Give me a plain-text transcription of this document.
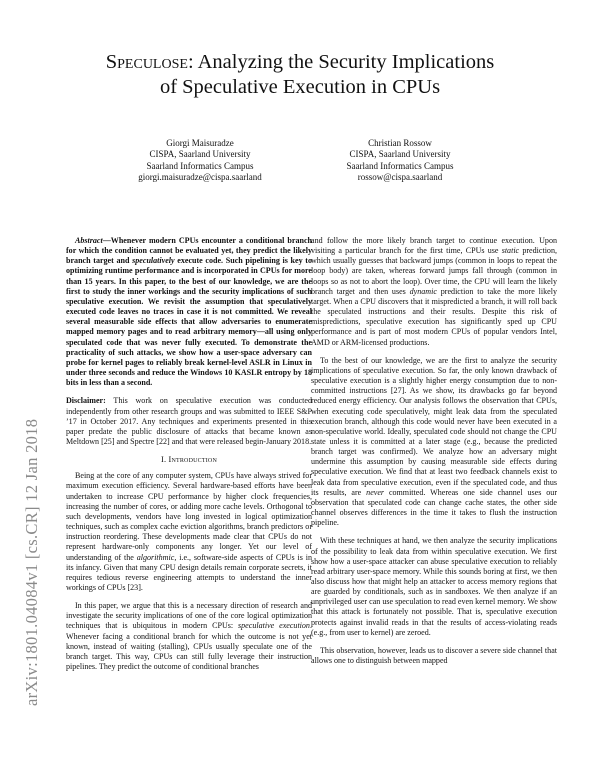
arXiv:1801.04084v1 [cs.CR] 12 Jan 2018
Speculose: Analyzing the Security Implications
of Speculative Execution in CPUs
Giorgi Maisuradze
CISPA, Saarland University
Saarland Informatics Campus
giorgi.maisuradze@cispa.saarland
Christian Rossow
CISPA, Saarland University
Saarland Informatics Campus
rossow@cispa.saarland

Abstract—Whenever modern CPUs encounter a conditional branch for which the condition cannot be evaluated yet, they predict the likely branch target and speculatively execute code. Such pipelining is key to optimizing runtime performance and is incorporated in CPUs for more than 15 years. In this paper, to the best of our knowledge, we are the first to study the inner workings and the security implications of such speculative execution. We revisit the assumption that speculatively executed code leaves no traces in case it is not committed. We reveal several measurable side effects that allow adversaries to enumerate mapped memory pages and to read arbitrary memory—all using only speculated code that was never fully executed. To demonstrate the practicality of such attacks, we show how a user-space adversary can probe for kernel pages to reliably break kernel-level ASLR in Linux in under three seconds and reduce the Windows 10 KASLR entropy by 18 bits in less than a second.

Disclaimer: This work on speculative execution was conducted independently from other research groups and was submitted to IEEE S&P ’17 in October 2017. Any techniques and experiments presented in this paper predate the public disclosure of attacks that became known as Meltdown [25] and Spectre [22] and that were released begin-January 2018.

I. Introduction

Being at the core of any computer system, CPUs have always strived for maximum execution efficiency. Several hardware-based efforts have been undertaken to increase CPU performance by higher clock frequencies, increasing the number of cores, or adding more cache levels. Orthogonal to such developments, vendors have long invested in logical optimization techniques, such as complex cache eviction algorithms, branch predictors or instruction reordering. These developments made clear that CPUs do not represent hardware-only components any longer. Yet our level of understanding of the algorithmic, i.e., software-side aspects of CPUs is in its infancy. Given that many CPU design details remain corporate secrets, it requires tedious reverse engineering attempts to understand the inner workings of CPUs [23].

In this paper, we argue that this is a necessary direction of research and investigate the security implications of one of the core logical optimization techniques that is ubiquitous in modern CPUs: speculative execution. Whenever facing a conditional branch for which the outcome is not yet known, instead of waiting (stalling), CPUs usually speculate one of the branch target. This way, CPUs can still fully leverage their instruction pipelines. They predict the outcome of conditional branches

and follow the more likely branch target to continue execution. Upon visiting a particular branch for the first time, CPUs use static prediction, which usually guesses that backward jumps (common in loops to repeat the loop body) are taken, whereas forward jumps fall through (common in loops so as not to abort the loop). Over time, the CPU will learn the likely branch target and then uses dynamic prediction to take the more likely target. When a CPU discovers that it mispredicted a branch, it will roll back the speculated instructions and their results. Despite this risk of mispredictions, speculative execution has significantly sped up CPU performance and is part of most modern CPUs of popular vendors Intel, AMD or ARM-licensed productions.

To the best of our knowledge, we are the first to analyze the security implications of speculative execution. So far, the only known drawback of speculative execution is a slightly higher energy consumption due to non-committed instructions [27]. As we show, its drawbacks go far beyond reduced energy efficiency. Our analysis follows the observation that CPUs, when executing code speculatively, might leak data from the speculated execution branch, although this code would never have been executed in a non-speculative world. Ideally, speculated code should not change the CPU state unless it is committed at a later stage (e.g., because the predicted branch target was confirmed). We analyze how an adversary might undermine this assumption by causing measurable side effects during speculative execution. We find that at least two feedback channels exist to leak data from speculative execution, even if the speculated code, and thus its results, are never committed. Whereas one side channel uses our observation that speculated code can change cache states, the other side channel observes differences in the time it takes to flush the instruction pipeline.

With these techniques at hand, we then analyze the security implications of the possibility to leak data from within speculative execution. We first show how a user-space attacker can abuse speculative execution to reliably read arbitrary user-space memory. While this sounds boring at first, we then also discuss how that might help an attacker to access memory regions that are guarded by conditionals, such as in sandboxes. We then analyze if an unprivileged user can use speculation to read even kernel memory. We show that this attack is fortunately not possible. That is, speculative execution protects against invalid reads in that the results of access-violating reads (e.g., from user to kernel) are zeroed.

This observation, however, leads us to discover a severe side channel that allows one to distinguish between mapped
